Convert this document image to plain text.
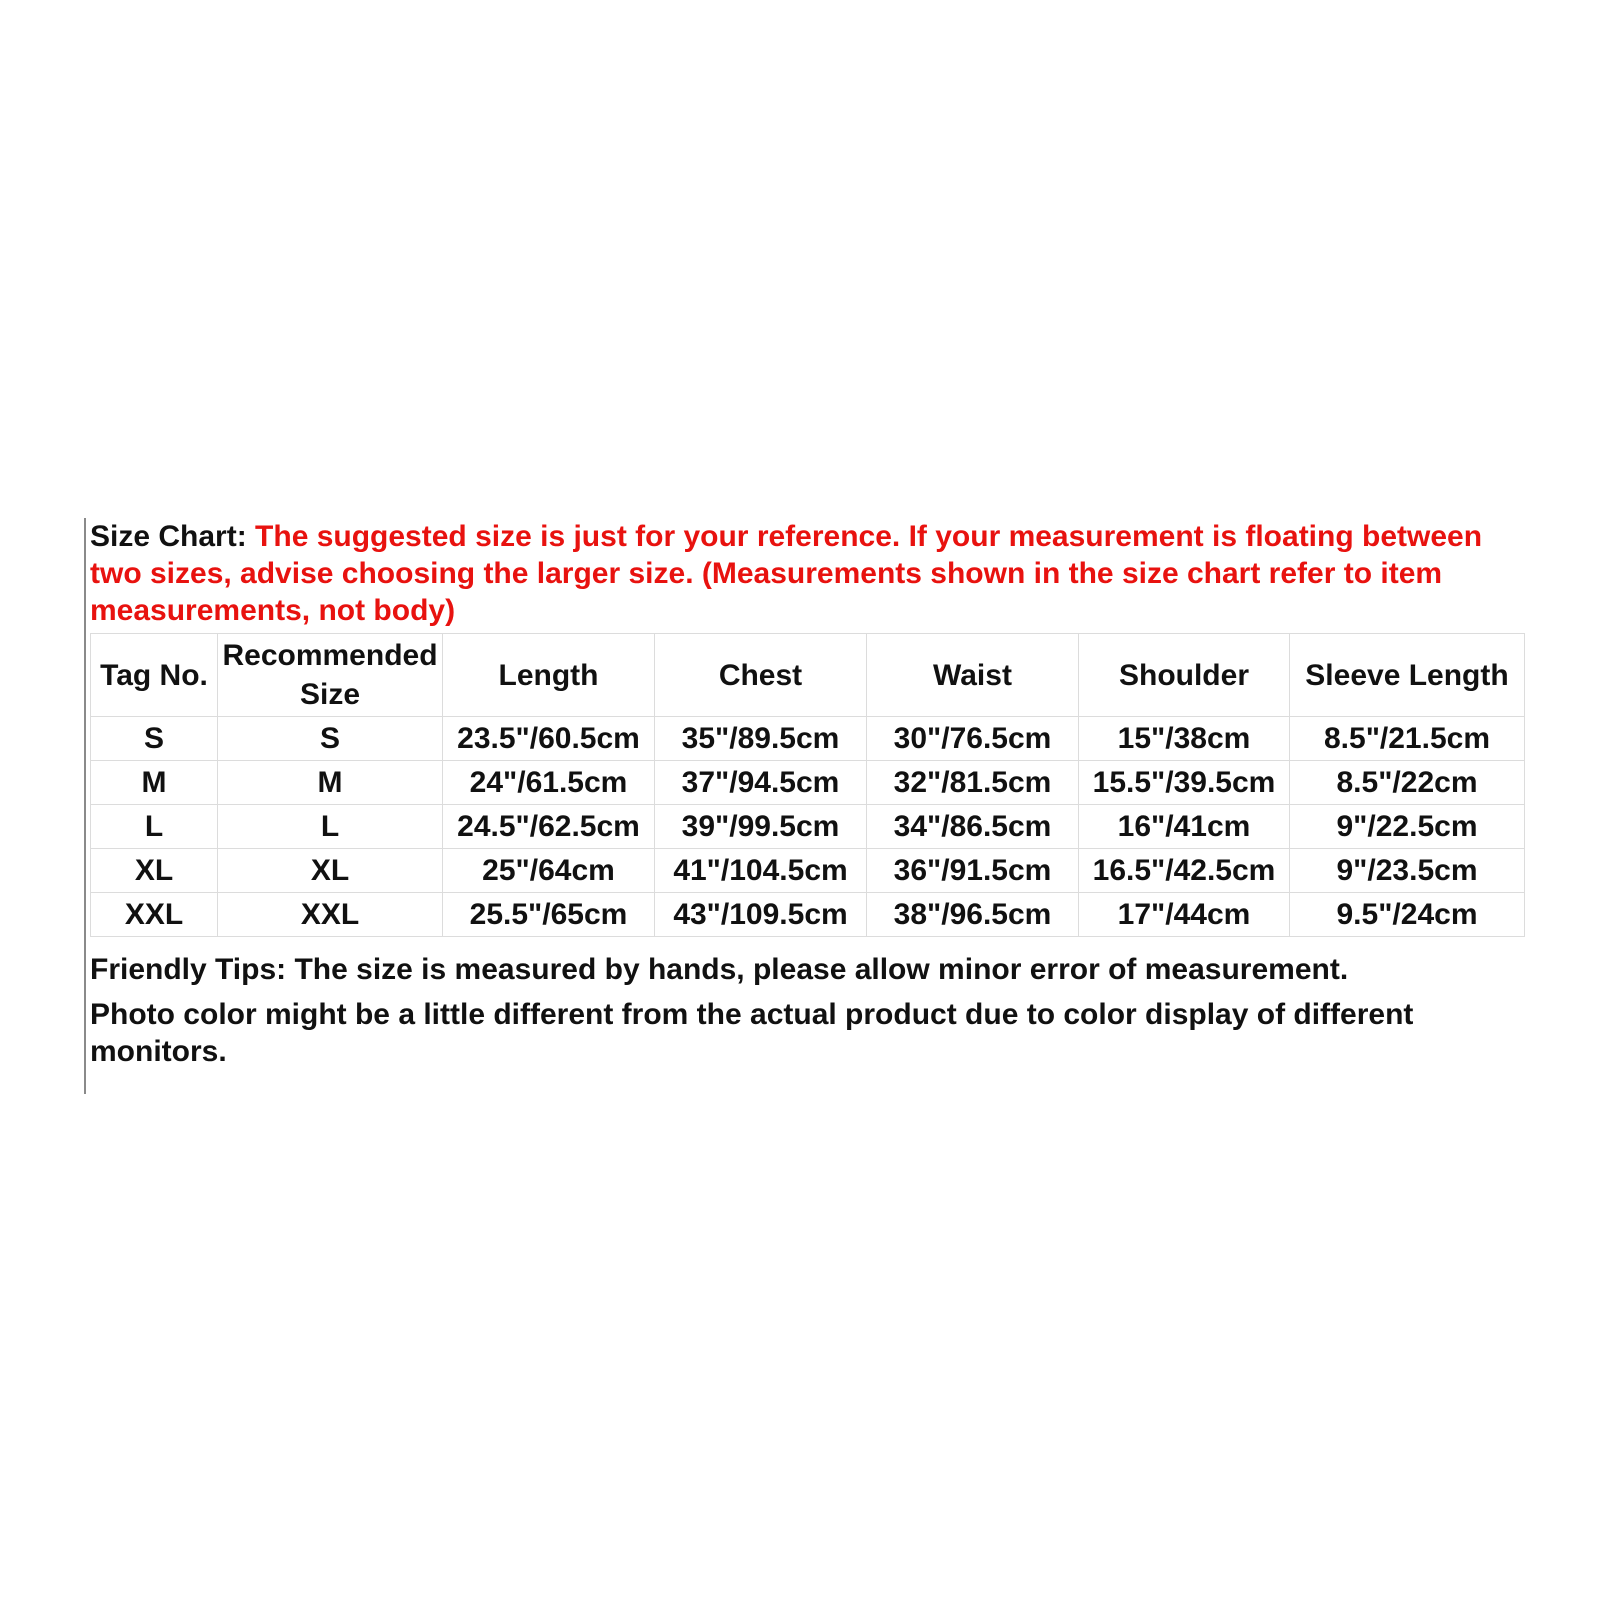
Size Chart: The suggested size is just for your reference. If your measurement is floating between two sizes, advise choosing the larger size. (Measurements shown in the size chart refer to item measurements, not body)
Tag No.	Recommended Size	Length	Chest	Waist	Shoulder	Sleeve Length
S	S	23.5"/60.5cm	35"/89.5cm	30"/76.5cm	15"/38cm	8.5"/21.5cm
M	M	24"/61.5cm	37"/94.5cm	32"/81.5cm	15.5"/39.5cm	8.5"/22cm
L	L	24.5"/62.5cm	39"/99.5cm	34"/86.5cm	16"/41cm	9"/22.5cm
XL	XL	25"/64cm	41"/104.5cm	36"/91.5cm	16.5"/42.5cm	9"/23.5cm
XXL	XXL	25.5"/65cm	43"/109.5cm	38"/96.5cm	17"/44cm	9.5"/24cm

Friendly Tips: The size is measured by hands, please allow minor error of measurement.

Photo color might be a little different from the actual product due to color display of different monitors.
